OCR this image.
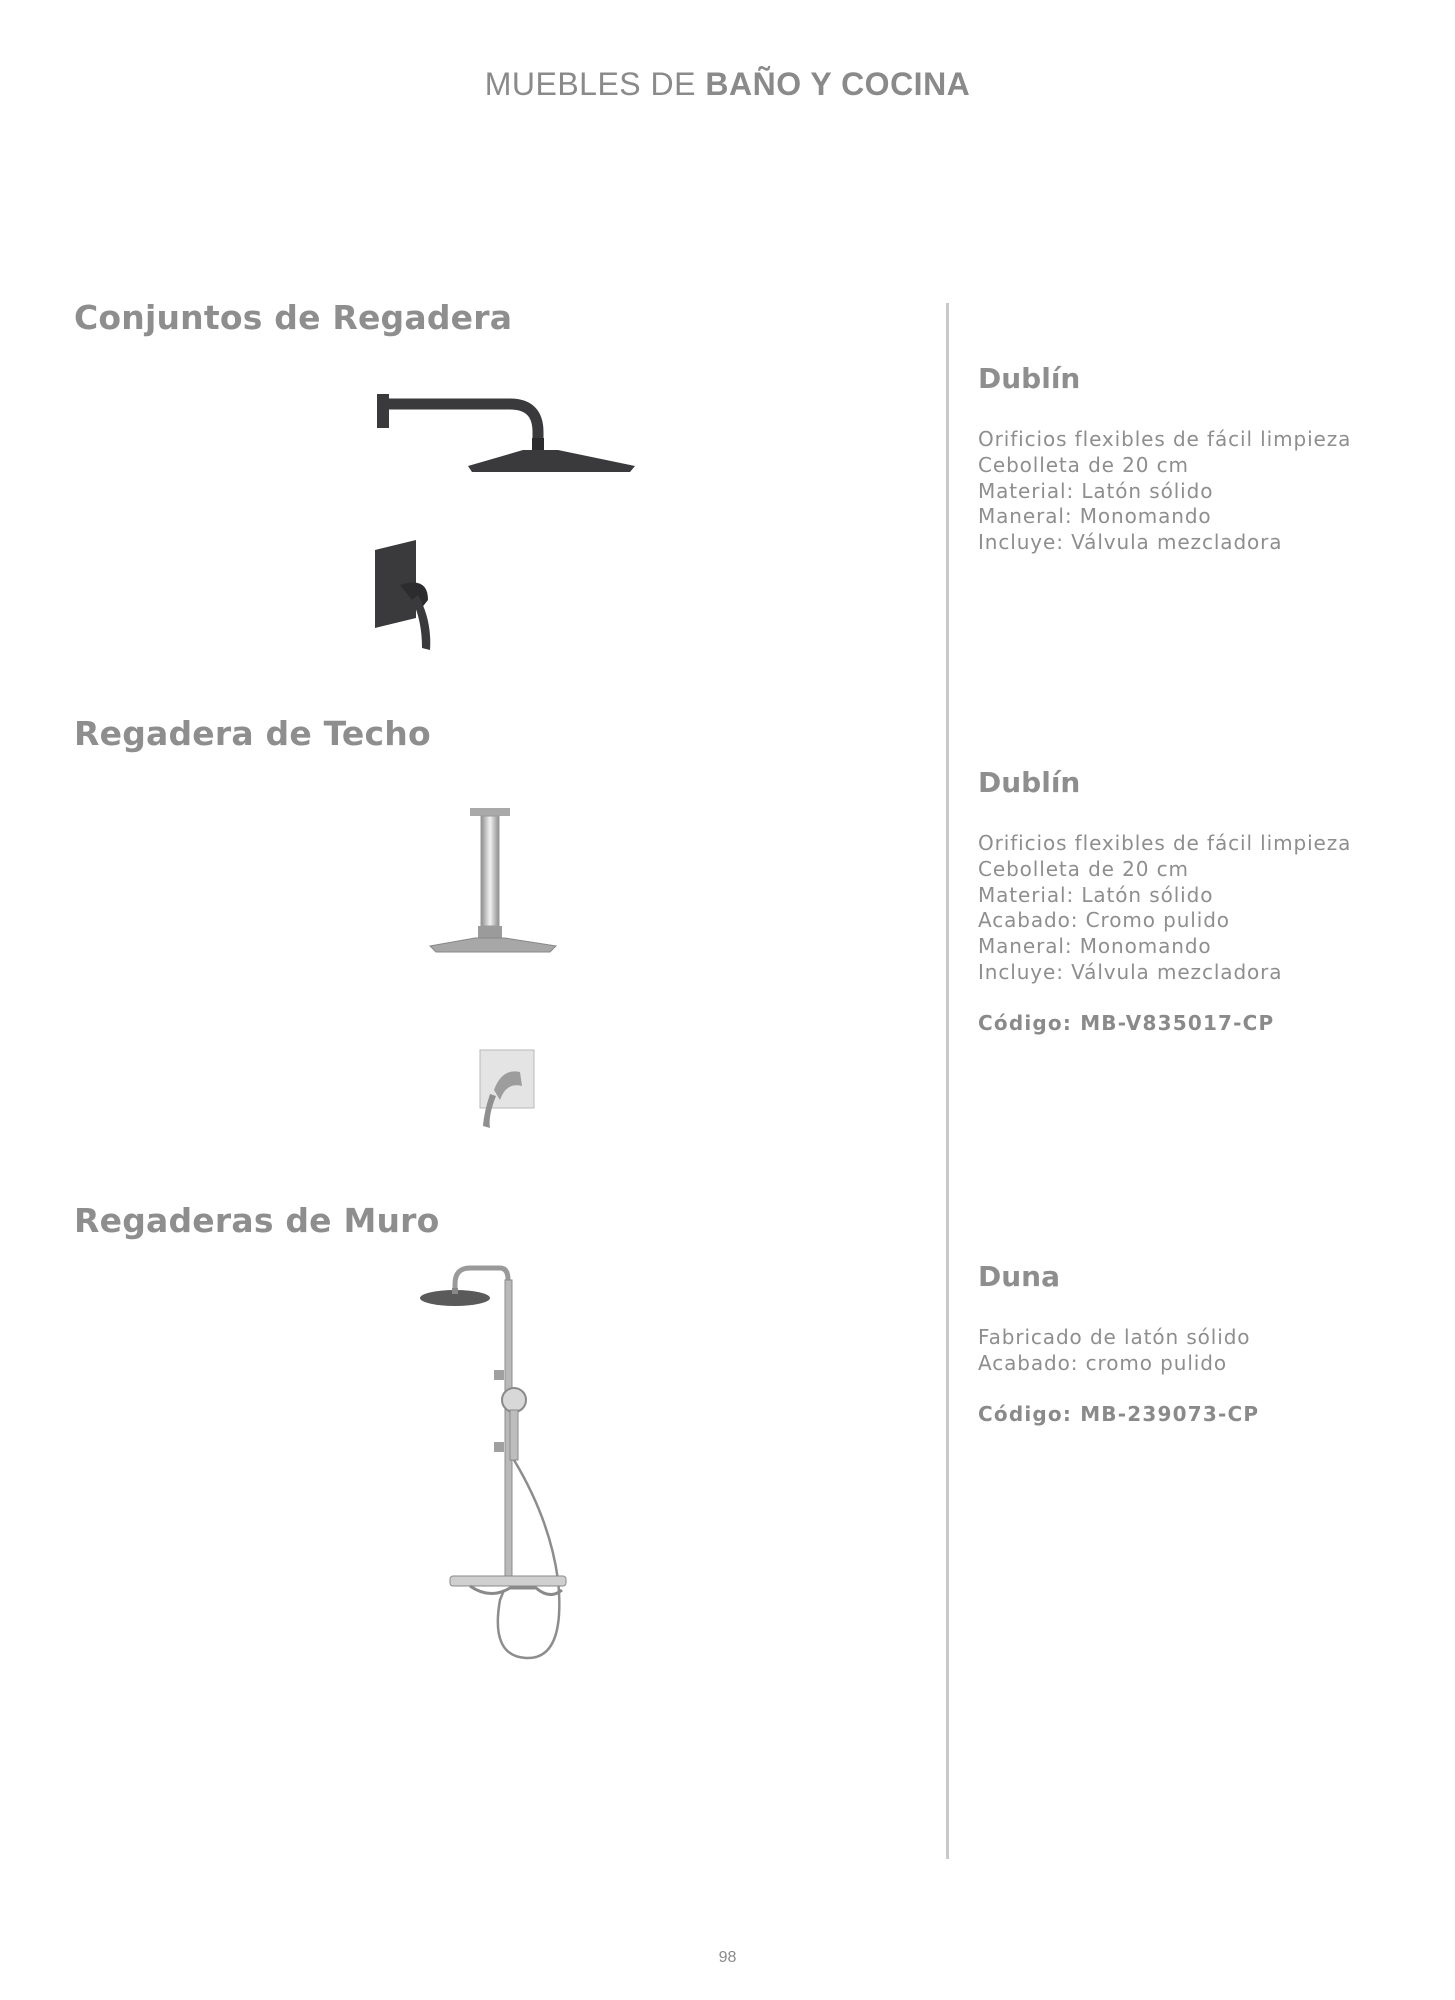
MUEBLES DE BAÑO Y COCINA
Conjuntos de Regadera
Dublín
Orificios flexibles de fácil limpieza
Cebolleta de 20 cm
Material: Latón sólido
Maneral: Monomando
Incluye: Válvula mezcladora
Regadera de Techo
Dublín
Orificios flexibles de fácil limpieza
Cebolleta de 20 cm
Material: Latón sólido
Acabado: Cromo pulido
Maneral: Monomando
Incluye: Válvula mezcladora
Código: MB-V835017-CP
Regaderas de Muro
Duna
Fabricado de latón sólido
Acabado: cromo pulido
Código: MB-239073-CP
98
